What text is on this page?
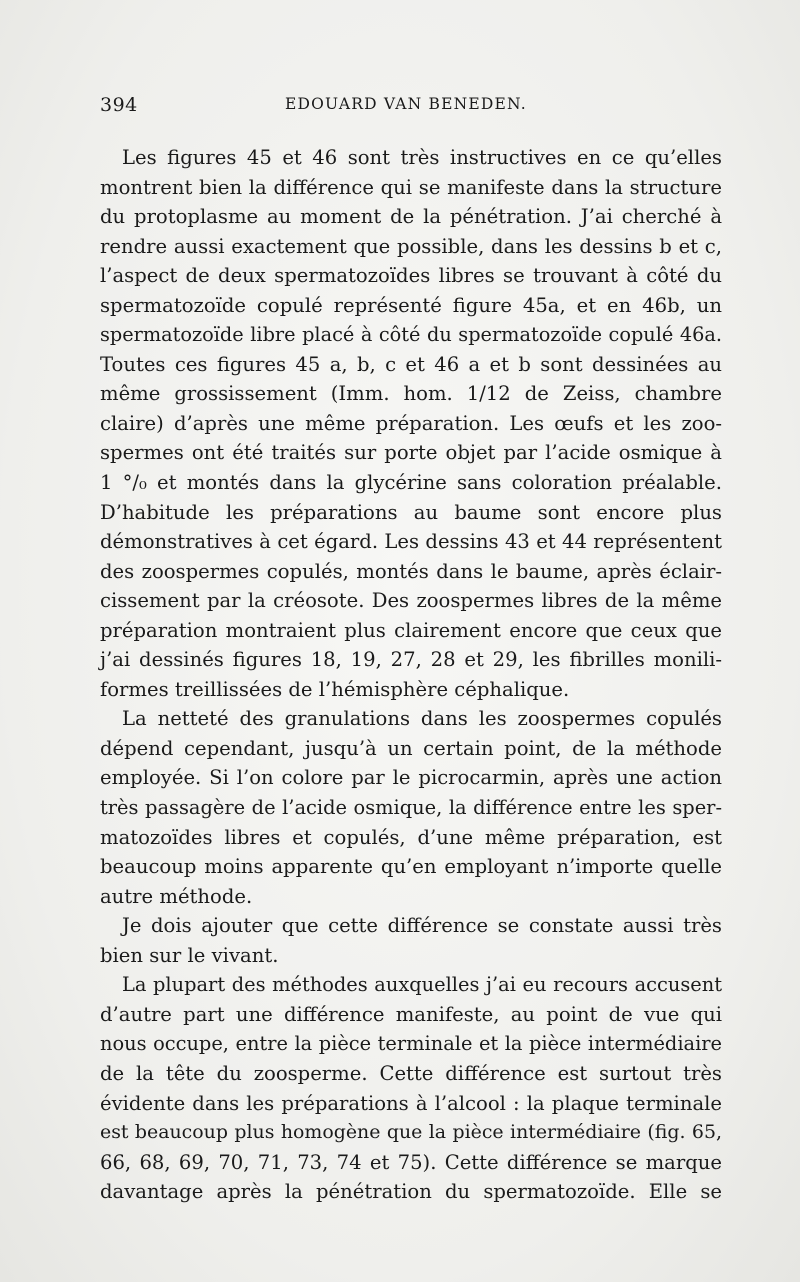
394	EDOUARD VAN BENEDEN.
Les figures 45 et 46 sont très instructives en ce qu’elles
montrent bien la différence qui se manifeste dans la structure
du protoplasme au moment de la pénétration. J’ai cherché à
rendre aussi exactement que possible, dans les dessins b et c,
l’aspect de deux spermatozoïdes libres se trouvant à côté du
spermatozoïde copulé représenté figure 45a, et en 46b, un
spermatozoïde libre placé à côté du spermatozoïde copulé 46a.
Toutes ces figures 45 a, b, c et 46 a et b sont dessinées au
même grossissement (Imm. hom. 1/12 de Zeiss, chambre
claire) d’après une même préparation. Les œufs et les zoo-
spermes ont été traités sur porte objet par l’acide osmique à
1 °/₀ et montés dans la glycérine sans coloration préalable.
D’habitude les préparations au baume sont encore plus
démonstratives à cet égard. Les dessins 43 et 44 représentent
des zoospermes copulés, montés dans le baume, après éclair-
cissement par la créosote. Des zoospermes libres de la même
préparation montraient plus clairement encore que ceux que
j’ai dessinés figures 18, 19, 27, 28 et 29, les fibrilles monili-
formes treillissées de l’hémisphère céphalique.
La netteté des granulations dans les zoospermes copulés
dépend cependant, jusqu’à un certain point, de la méthode
employée. Si l’on colore par le picrocarmin, après une action
très passagère de l’acide osmique, la différence entre les sper-
matozoïdes libres et copulés, d’une même préparation, est
beaucoup moins apparente qu’en employant n’importe quelle
autre méthode.
Je dois ajouter que cette différence se constate aussi très
bien sur le vivant.
La plupart des méthodes auxquelles j’ai eu recours accusent
d’autre part une différence manifeste, au point de vue qui
nous occupe, entre la pièce terminale et la pièce intermédiaire
de la tête du zoosperme. Cette différence est surtout très
évidente dans les préparations à l’alcool : la plaque terminale
est beaucoup plus homogène que la pièce intermédiaire (fig. 65,
66, 68, 69, 70, 71, 73, 74 et 75). Cette différence se marque
davantage après la pénétration du spermatozoïde. Elle se
